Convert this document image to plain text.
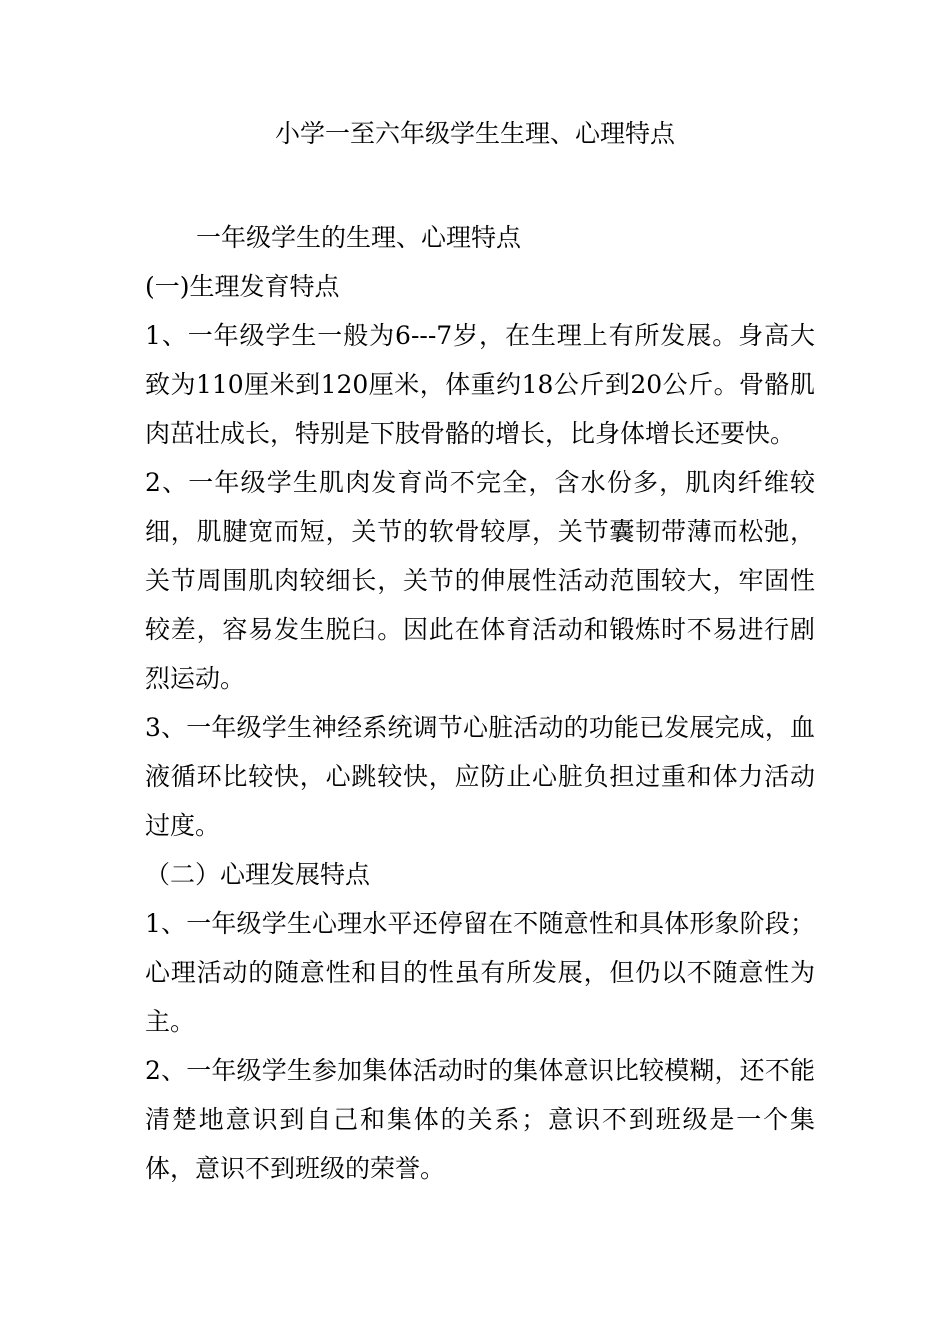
小学一至六年级学生生理、心理特点

一年级学生的生理、心理特点

(一)生理发育特点

1、一年级学生一般为6---7岁，在生理上有所发展。身高大致为110厘米到120厘米，体重约18公斤到20公斤。骨骼肌肉茁壮成长，特别是下肢骨骼的增长，比身体增长还要快。

2、一年级学生肌肉发育尚不完全，含水份多，肌肉纤维较细，肌腱宽而短，关节的软骨较厚，关节囊韧带薄而松弛，关节周围肌肉较细长，关节的伸展性活动范围较大，牢固性较差，容易发生脱臼。因此在体育活动和锻炼时不易进行剧烈运动。

3、一年级学生神经系统调节心脏活动的功能已发展完成，血液循环比较快，心跳较快，应防止心脏负担过重和体力活动过度。

（二）心理发展特点

1、一年级学生心理水平还停留在不随意性和具体形象阶段；心理活动的随意性和目的性虽有所发展，但仍以不随意性为主。

2、一年级学生参加集体活动时的集体意识比较模糊，还不能清楚地意识到自己和集体的关系；意识不到班级是一个集体，意识不到班级的荣誉。
